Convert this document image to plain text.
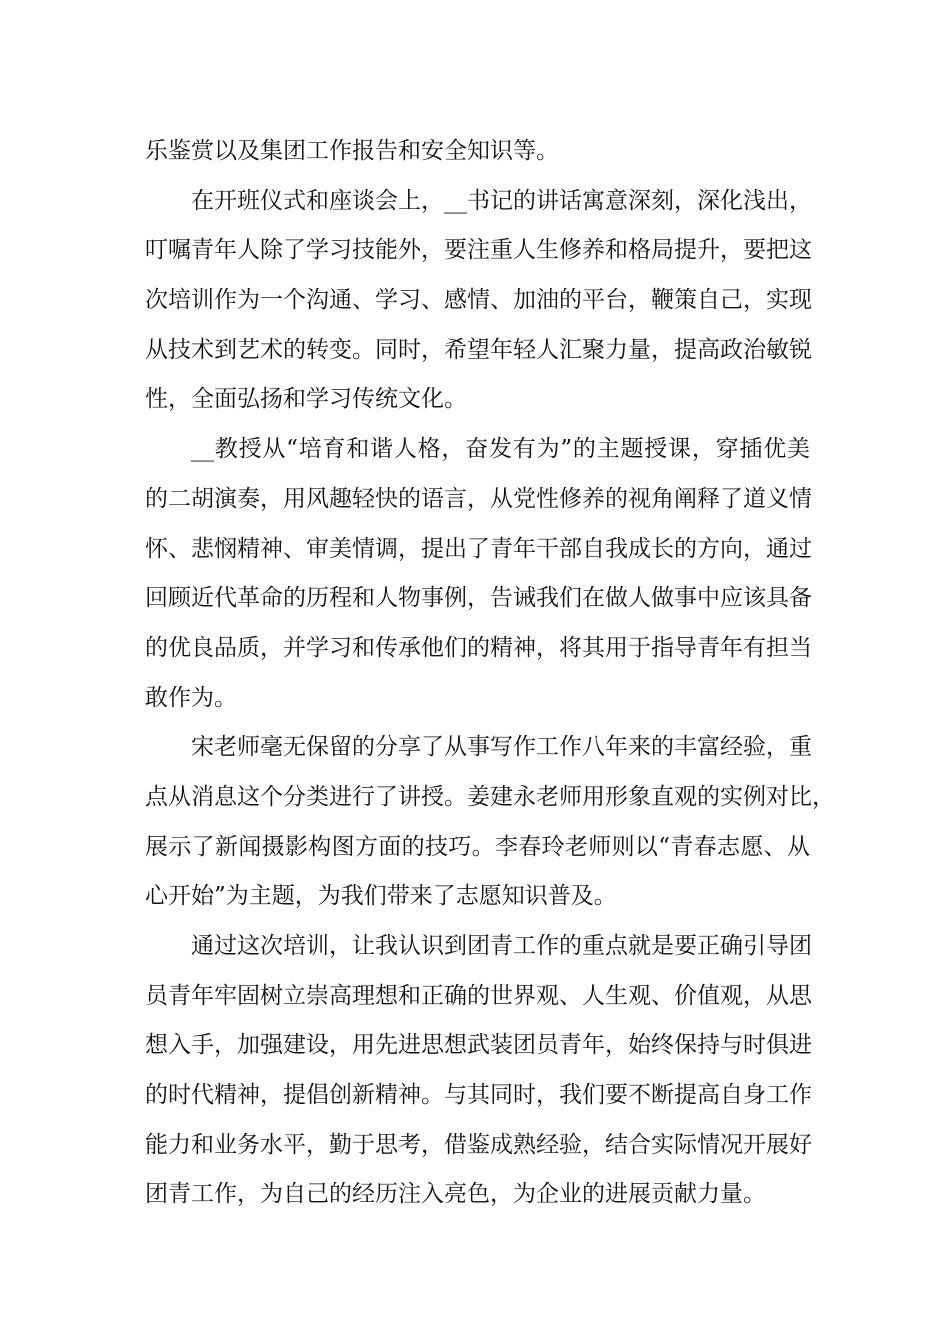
乐鉴赏以及集团工作报告和安全知识等。
在开班仪式和座谈会上，__书记的讲话寓意深刻，深化浅出，
叮嘱青年人除了学习技能外，要注重人生修养和格局提升，要把这
次培训作为一个沟通、学习、感情、加油的平台，鞭策自己，实现
从技术到艺术的转变。同时，希望年轻人汇聚力量，提高政治敏锐
性，全面弘扬和学习传统文化。
__教授从“培育和谐人格，奋发有为”的主题授课，穿插优美
的二胡演奏，用风趣轻快的语言，从党性修养的视角阐释了道义情
怀、悲悯精神、审美情调，提出了青年干部自我成长的方向，通过
回顾近代革命的历程和人物事例，告诫我们在做人做事中应该具备
的优良品质，并学习和传承他们的精神，将其用于指导青年有担当
敢作为。
宋老师毫无保留的分享了从事写作工作八年来的丰富经验，重
点从消息这个分类进行了讲授。姜建永老师用形象直观的实例对比，
展示了新闻摄影构图方面的技巧。李春玲老师则以“青春志愿、从
心开始”为主题，为我们带来了志愿知识普及。
通过这次培训，让我认识到团青工作的重点就是要正确引导团
员青年牢固树立崇高理想和正确的世界观、人生观、价值观，从思
想入手，加强建设，用先进思想武装团员青年，始终保持与时俱进
的时代精神，提倡创新精神。与其同时，我们要不断提高自身工作
能力和业务水平，勤于思考，借鉴成熟经验，结合实际情况开展好
团青工作，为自己的经历注入亮色，为企业的进展贡献力量。
